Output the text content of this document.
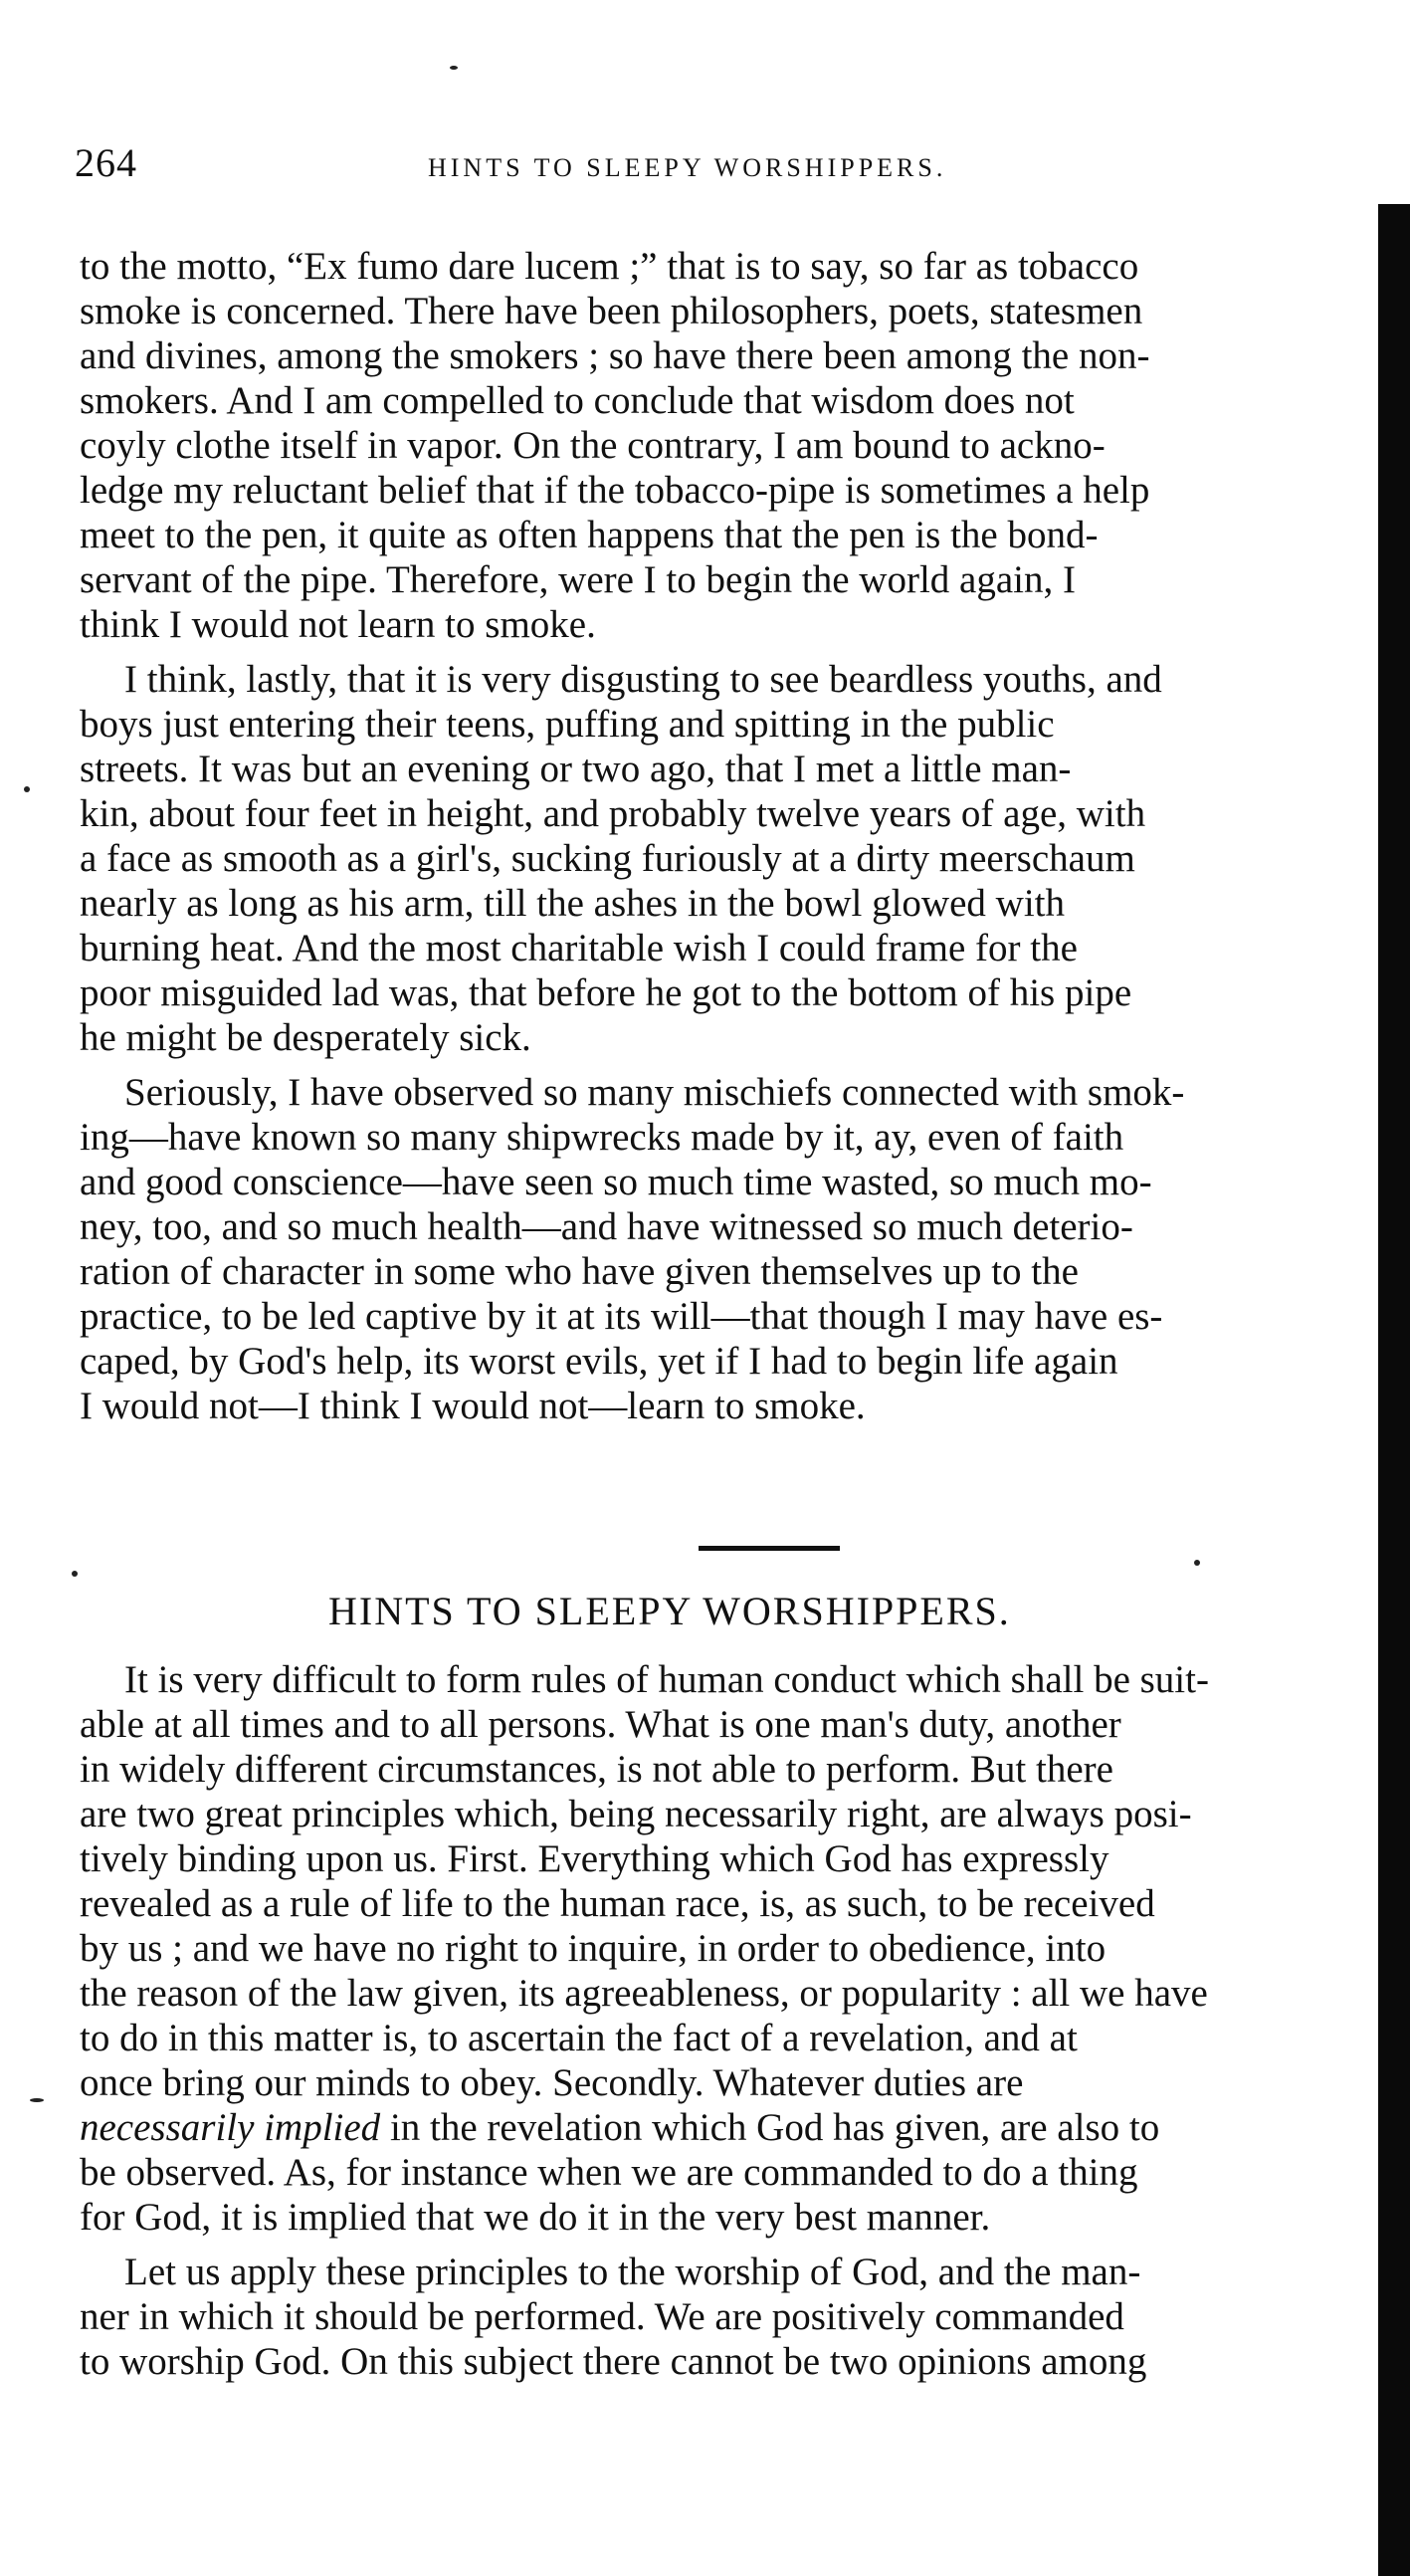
264	HINTS TO SLEEPY WORSHIPPERS.

to the motto, “Ex fumo dare lucem ;” that is to say, so far as tobacco
smoke is concerned. There have been philosophers, poets, statesmen
and divines, among the smokers ; so have there been among the non-
smokers. And I am compelled to conclude that wisdom does not
coyly clothe itself in vapor. On the contrary, I am bound to ackno-
ledge my reluctant belief that if the tobacco-pipe is sometimes a help
meet to the pen, it quite as often happens that the pen is the bond-
servant of the pipe. Therefore, were I to begin the world again, I
think I would not learn to smoke.

I think, lastly, that it is very disgusting to see beardless youths, and
boys just entering their teens, puffing and spitting in the public
streets. It was but an evening or two ago, that I met a little man-
kin, about four feet in height, and probably twelve years of age, with
a face as smooth as a girl's, sucking furiously at a dirty meerschaum
nearly as long as his arm, till the ashes in the bowl glowed with
burning heat. And the most charitable wish I could frame for the
poor misguided lad was, that before he got to the bottom of his pipe
he might be desperately sick.

Seriously, I have observed so many mischiefs connected with smok-
ing—have known so many shipwrecks made by it, ay, even of faith
and good conscience—have seen so much time wasted, so much mo-
ney, too, and so much health—and have witnessed so much deterio-
ration of character in some who have given themselves up to the
practice, to be led captive by it at its will—that though I may have es-
caped, by God's help, its worst evils, yet if I had to begin life again
I would not—I think I would not—learn to smoke.

HINTS TO SLEEPY WORSHIPPERS.

It is very difficult to form rules of human conduct which shall be suit-
able at all times and to all persons. What is one man's duty, another
in widely different circumstances, is not able to perform. But there
are two great principles which, being necessarily right, are always posi-
tively binding upon us. First. Everything which God has expressly
revealed as a rule of life to the human race, is, as such, to be received
by us ; and we have no right to inquire, in order to obedience, into
the reason of the law given, its agreeableness, or popularity : all we have
to do in this matter is, to ascertain the fact of a revelation, and at
once bring our minds to obey. Secondly. Whatever duties are
necessarily implied in the revelation which God has given, are also to
be observed. As, for instance when we are commanded to do a thing
for God, it is implied that we do it in the very best manner.

Let us apply these principles to the worship of God, and the man-
ner in which it should be performed. We are positively commanded
to worship God. On this subject there cannot be two opinions among
